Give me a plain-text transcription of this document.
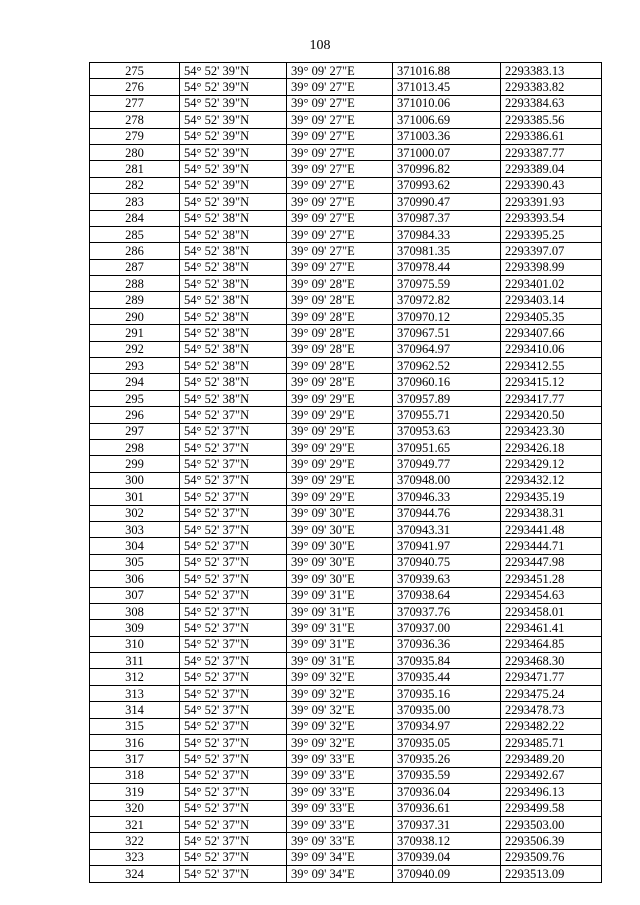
108
275	54° 52' 39"N	39° 09' 27"E	371016.88	2293383.13
276	54° 52' 39"N	39° 09' 27"E	371013.45	2293383.82
277	54° 52' 39"N	39° 09' 27"E	371010.06	2293384.63
278	54° 52' 39"N	39° 09' 27"E	371006.69	2293385.56
279	54° 52' 39"N	39° 09' 27"E	371003.36	2293386.61
280	54° 52' 39"N	39° 09' 27"E	371000.07	2293387.77
281	54° 52' 39"N	39° 09' 27"E	370996.82	2293389.04
282	54° 52' 39"N	39° 09' 27"E	370993.62	2293390.43
283	54° 52' 39"N	39° 09' 27"E	370990.47	2293391.93
284	54° 52' 38"N	39° 09' 27"E	370987.37	2293393.54
285	54° 52' 38"N	39° 09' 27"E	370984.33	2293395.25
286	54° 52' 38"N	39° 09' 27"E	370981.35	2293397.07
287	54° 52' 38"N	39° 09' 27"E	370978.44	2293398.99
288	54° 52' 38"N	39° 09' 28"E	370975.59	2293401.02
289	54° 52' 38"N	39° 09' 28"E	370972.82	2293403.14
290	54° 52' 38"N	39° 09' 28"E	370970.12	2293405.35
291	54° 52' 38"N	39° 09' 28"E	370967.51	2293407.66
292	54° 52' 38"N	39° 09' 28"E	370964.97	2293410.06
293	54° 52' 38"N	39° 09' 28"E	370962.52	2293412.55
294	54° 52' 38"N	39° 09' 28"E	370960.16	2293415.12
295	54° 52' 38"N	39° 09' 29"E	370957.89	2293417.77
296	54° 52' 37"N	39° 09' 29"E	370955.71	2293420.50
297	54° 52' 37"N	39° 09' 29"E	370953.63	2293423.30
298	54° 52' 37"N	39° 09' 29"E	370951.65	2293426.18
299	54° 52' 37"N	39° 09' 29"E	370949.77	2293429.12
300	54° 52' 37"N	39° 09' 29"E	370948.00	2293432.12
301	54° 52' 37"N	39° 09' 29"E	370946.33	2293435.19
302	54° 52' 37"N	39° 09' 30"E	370944.76	2293438.31
303	54° 52' 37"N	39° 09' 30"E	370943.31	2293441.48
304	54° 52' 37"N	39° 09' 30"E	370941.97	2293444.71
305	54° 52' 37"N	39° 09' 30"E	370940.75	2293447.98
306	54° 52' 37"N	39° 09' 30"E	370939.63	2293451.28
307	54° 52' 37"N	39° 09' 31"E	370938.64	2293454.63
308	54° 52' 37"N	39° 09' 31"E	370937.76	2293458.01
309	54° 52' 37"N	39° 09' 31"E	370937.00	2293461.41
310	54° 52' 37"N	39° 09' 31"E	370936.36	2293464.85
311	54° 52' 37"N	39° 09' 31"E	370935.84	2293468.30
312	54° 52' 37"N	39° 09' 32"E	370935.44	2293471.77
313	54° 52' 37"N	39° 09' 32"E	370935.16	2293475.24
314	54° 52' 37"N	39° 09' 32"E	370935.00	2293478.73
315	54° 52' 37"N	39° 09' 32"E	370934.97	2293482.22
316	54° 52' 37"N	39° 09' 32"E	370935.05	2293485.71
317	54° 52' 37"N	39° 09' 33"E	370935.26	2293489.20
318	54° 52' 37"N	39° 09' 33"E	370935.59	2293492.67
319	54° 52' 37"N	39° 09' 33"E	370936.04	2293496.13
320	54° 52' 37"N	39° 09' 33"E	370936.61	2293499.58
321	54° 52' 37"N	39° 09' 33"E	370937.31	2293503.00
322	54° 52' 37"N	39° 09' 33"E	370938.12	2293506.39
323	54° 52' 37"N	39° 09' 34"E	370939.04	2293509.76
324	54° 52' 37"N	39° 09' 34"E	370940.09	2293513.09
